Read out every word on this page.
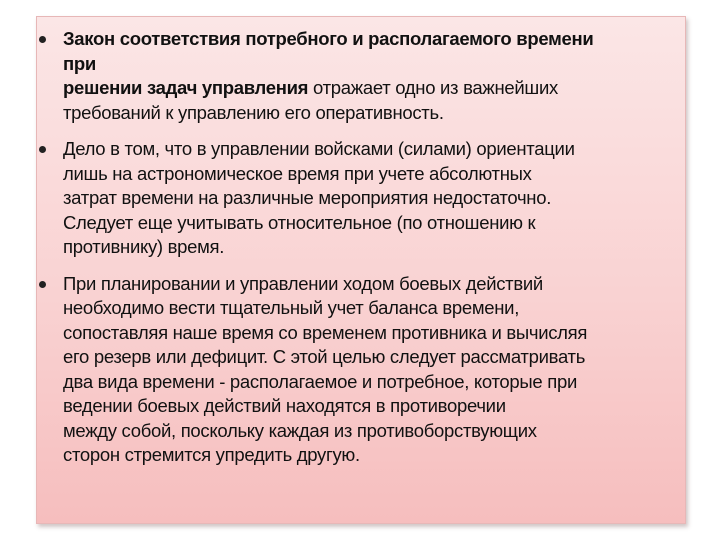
Закон соответствия потребного и располагаемого времени
при
решении задач управления отражает одно из важнейших
требований к управлению его оперативность.
Дело в том, что в управлении войсками (силами) ориентации
лишь на астрономическое время при учете абсолютных
затрат времени на различные мероприятия недостаточно.
Следует еще учитывать относительное (по отношению к
противнику) время.
При планировании и управлении ходом боевых действий
необходимо вести тщательный учет баланса времени,
сопоставляя наше время со временем противника и вычисляя
его резерв или дефицит. С этой целью следует рассматривать
два вида времени - располагаемое и потребное, которые при
ведении боевых действий находятся в противоречии
между собой, поскольку каждая из противоборствующих
сторон стремится упредить другую.
